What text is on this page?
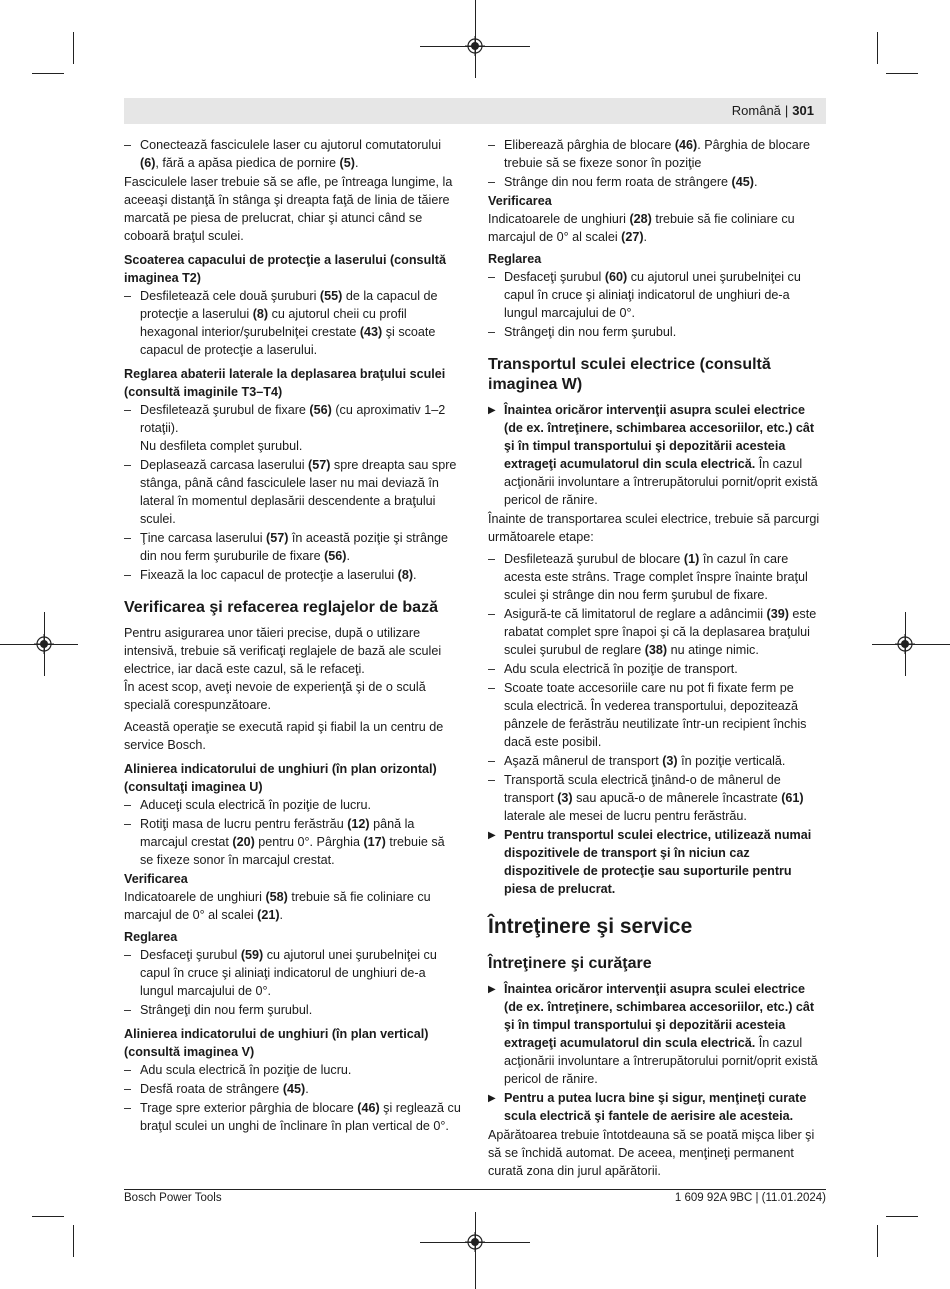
Română | 301
– Conectează fasciculele laser cu ajutorul comutatorului (6), fără a apăsa piedica de pornire (5).

Fasciculele laser trebuie să se afle, pe întreaga lungime, la aceeaşi distanţă în stânga şi dreapta faţă de linia de tăiere marcată pe piesa de prelucrat, chiar şi atunci când se coboară braţul sculei.

Scoaterea capacului de protecţie a laserului (consultă imaginea T2)
– Desfiletează cele două şuruburi (55) de la capacul de protecţie a laserului (8) cu ajutorul cheii cu profil hexagonal interior/şurubelniţei crestate (43) şi scoate capacul de protecţie a laserului.
Reglarea abaterii laterale la deplasarea braţului sculei (consultă imaginile T3–T4)
– Desfiletează şurubul de fixare (56) (cu aproximativ 1–2 rotaţii).
Nu desfileta complet şurubul.
– Deplasează carcasa laserului (57) spre dreapta sau spre stânga, până când fasciculele laser nu mai deviază în lateral în momentul deplasării descendente a braţului sculei.
– Ţine carcasa laserului (57) în această poziţie şi strânge din nou ferm şuruburile de fixare (56).
– Fixează la loc capacul de protecţie a laserului (8).
Verificarea şi refacerea reglajelor de bază

Pentru asigurarea unor tăieri precise, după o utilizare intensivă, trebuie să verificaţi reglajele de bază ale sculei electrice, iar dacă este cazul, să le refaceţi.
În acest scop, aveţi nevoie de experienţă şi de o sculă specială corespunzătoare.

Această operaţie se execută rapid şi fiabil la un centru de service Bosch.

Alinierea indicatorului de unghiuri (în plan orizontal) (consultaţi imaginea U)
– Aduceţi scula electrică în poziţie de lucru.
– Rotiţi masa de lucru pentru ferăstrău (12) până la marcajul crestat (20) pentru 0°. Pârghia (17) trebuie să se fixeze sonor în marcajul crestat.

Verificarea

Indicatoarele de unghiuri (58) trebuie să fie coliniare cu marcajul de 0° al scalei (21).

Reglarea

– Desfaceţi şurubul (59) cu ajutorul unei şurubelniţei cu capul în cruce şi aliniaţi indicatorul de unghiuri de-a lungul marcajului de 0°.
– Strângeţi din nou ferm şurubul.
Alinierea indicatorului de unghiuri (în plan vertical) (consultă imaginea V)
– Adu scula electrică în poziţie de lucru.
– Desfă roata de strângere (45).
– Trage spre exterior pârghia de blocare (46) şi reglează cu braţul sculei un unghi de înclinare în plan vertical de 0°.
– Eliberează pârghia de blocare (46). Pârghia de blocare trebuie să se fixeze sonor în poziţie
– Strânge din nou ferm roata de strângere (45).

Verificarea

Indicatoarele de unghiuri (28) trebuie să fie coliniare cu marcajul de 0° al scalei (27).

Reglarea

– Desfaceţi şurubul (60) cu ajutorul unei şurubelniţei cu capul în cruce şi aliniaţi indicatorul de unghiuri de-a lungul marcajului de 0°.
– Strângeţi din nou ferm şurubul.
Transportul sculei electrice (consultă imaginea W)
▶ Înaintea oricăror intervenţii asupra sculei electrice (de ex. întreţinere, schimbarea accesoriilor, etc.) cât şi în timpul transportului şi depozitării acesteia extrageţi acumulatorul din scula electrică. În cazul acţionării involuntare a întrerupătorului pornit/oprit există pericol de rănire.

Înainte de transportarea sculei electrice, trebuie să parcurgi următoarele etape:

– Desfiletează şurubul de blocare (1) în cazul în care acesta este strâns. Trage complet înspre înainte braţul sculei şi strânge din nou ferm şurubul de fixare.
– Asigură-te că limitatorul de reglare a adâncimii (39) este rabatat complet spre înapoi şi că la deplasarea braţului sculei şurubul de reglare (38) nu atinge nimic.
– Adu scula electrică în poziţie de transport.
– Scoate toate accesoriile care nu pot fi fixate ferm pe scula electrică. În vederea transportului, depozitează pânzele de ferăstrău neutilizate într-un recipient închis dacă este posibil.
– Aşază mânerul de transport (3) în poziţie verticală.
– Transportă scula electrică ţinând-o de mânerul de transport (3) sau apucă-o de mânerele încastrate (61) laterale ale mesei de lucru pentru ferăstrău.
▶ Pentru transportul sculei electrice, utilizează numai dispozitivele de transport şi în niciun caz dispozitivele de protecţie sau suporturile pentru piesa de prelucrat.
Întreţinere şi service
Întreţinere şi curăţare
▶ Înaintea oricăror intervenţii asupra sculei electrice (de ex. întreţinere, schimbarea accesoriilor, etc.) cât şi în timpul transportului şi depozitării acesteia extrageţi acumulatorul din scula electrică. În cazul acţionării involuntare a întrerupătorului pornit/oprit există pericol de rănire.
▶ Pentru a putea lucra bine şi sigur, menţineţi curate scula electrică şi fantele de aerisire ale acesteia.

Apărătoarea trebuie întotdeauna să se poată mişca liber şi să se închidă automat. De aceea, menţineţi permanent curată zona din jurul apărătorii.

Bosch Power Tools	1 609 92A 9BC | (11.01.2024)
